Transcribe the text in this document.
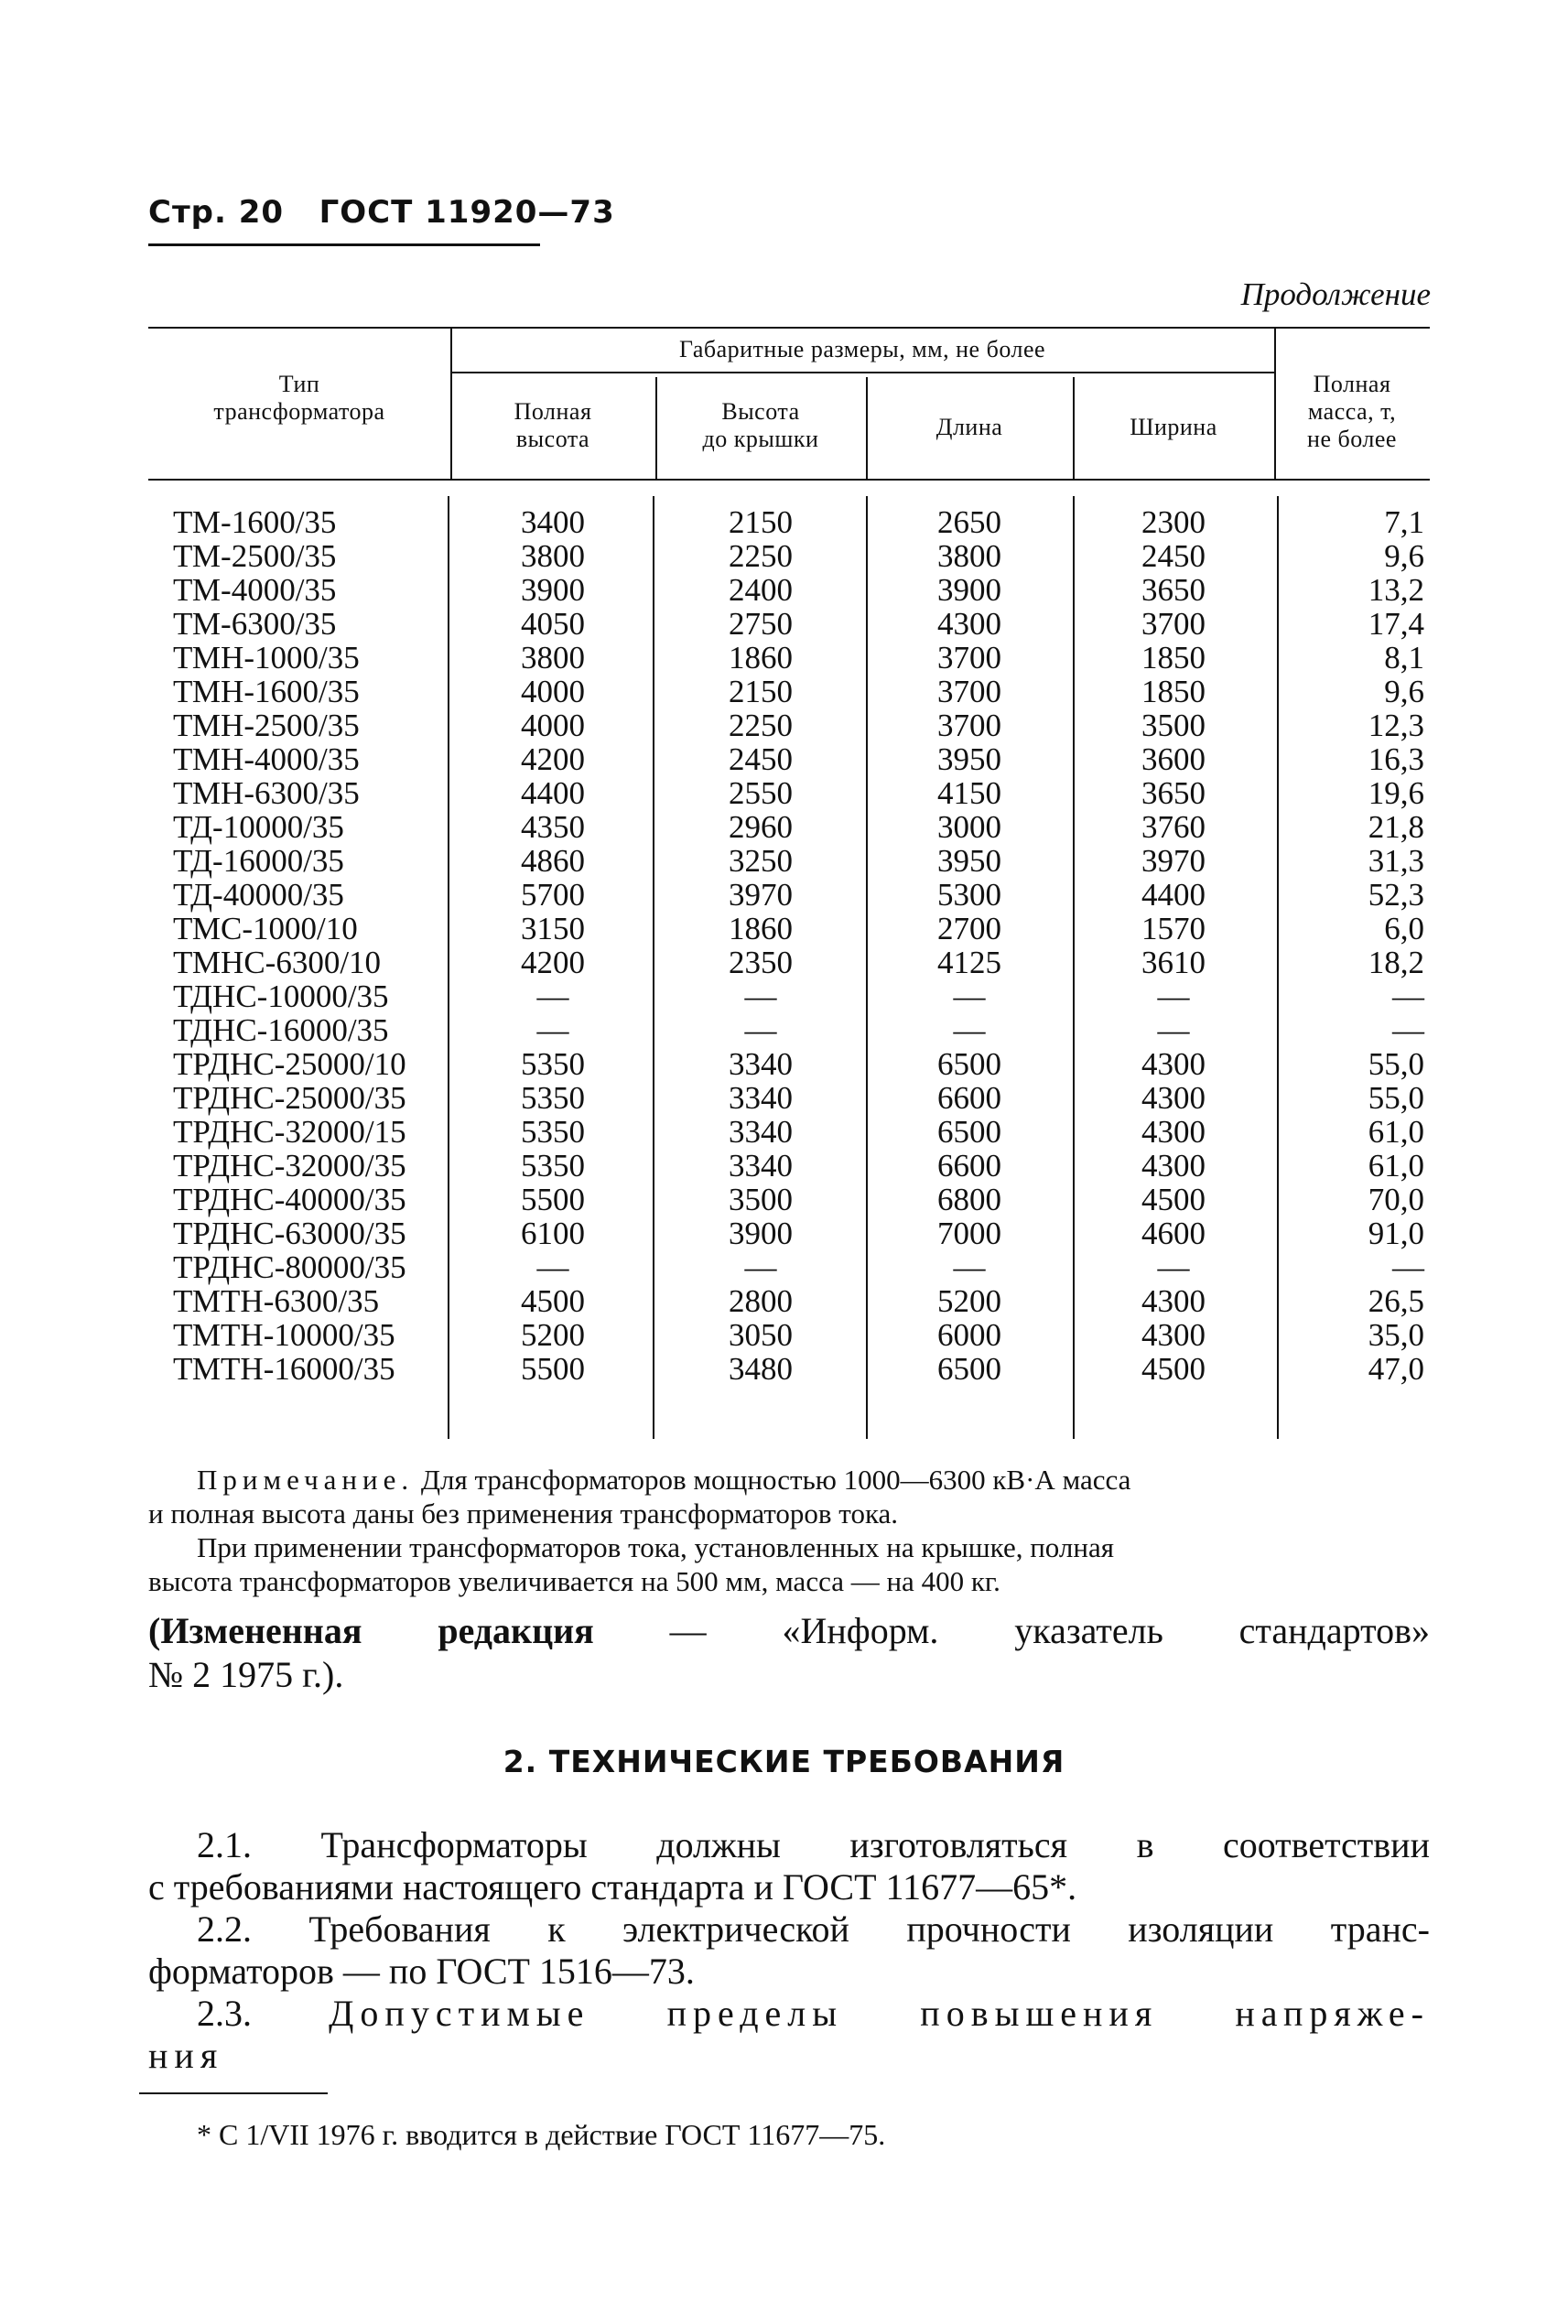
Стр. 20 ГОСТ 11920—73
Продолжение
Тип
трансформатора
Габаритные размеры, мм, не более
Полная
высота
Высота
до крышки	Длина	Ширина
Полная
масса, т,
не более
ТМ-1600/35
ТМ-2500/35
ТМ-4000/35
ТМ-6300/35
ТМН-1000/35
ТМН-1600/35
ТМН-2500/35
ТМН-4000/35
ТМН-6300/35
ТД-10000/35
ТД-16000/35
ТД-40000/35
ТМС-1000/10
ТМНС-6300/10
ТДНС-10000/35
ТДНС-16000/35
ТРДНС-25000/10
ТРДНС-25000/35
ТРДНС-32000/15
ТРДНС-32000/35
ТРДНС-40000/35
ТРДНС-63000/35
ТРДНС-80000/35
ТМТН-6300/35
ТМТН-10000/35
ТМТН-16000/35
3400
3800
3900
4050
3800
4000
4000
4200
4400
4350
4860
5700
3150
4200
—
—
5350
5350
5350
5350
5500
6100
—
4500
5200
5500
2150
2250
2400
2750
1860
2150
2250
2450
2550
2960
3250
3970
1860
2350
—
—
3340
3340
3340
3340
3500
3900
—
2800
3050
3480
2650
3800
3900
4300
3700
3700
3700
3950
4150
3000
3950
5300
2700
4125
—
—
6500
6600
6500
6600
6800
7000
—
5200
6000
6500
2300
2450
3650
3700
1850
1850
3500
3600
3650
3760
3970
4400
1570
3610
—
—
4300
4300
4300
4300
4500
4600
—
4300
4300
4500
7,1
9,6
13,2
17,4
8,1
9,6
12,3
16,3
19,6
21,8
31,3
52,3
6,0
18,2
—
—
55,0
55,0
61,0
61,0
70,0
91,0
—
26,5
35,0
47,0
Примечание. Для трансформаторов мощностью 1000—6300 кВ·А масса
и полная высота даны без применения трансформаторов тока.
При применении трансформаторов тока, установленных на крышке, полная
высота трансформаторов увеличивается на 500 мм, масса — на 400 кг.
(Измененная редакция — «Информ. указатель стандартов»
№ 2 1975 г.).
2. ТЕХНИЧЕСКИЕ ТРЕБОВАНИЯ
2.1. Трансформаторы должны изготовляться в соответствии
с требованиями настоящего стандарта и ГОСТ 11677—65*.
2.2. Требования к электрической прочности изоляции транс-
форматоров — по ГОСТ 1516—73.
2.3. Допустимые пределы повышения напряже-
ния
* С 1/VII 1976 г. вводится в действие ГОСТ 11677—75.
